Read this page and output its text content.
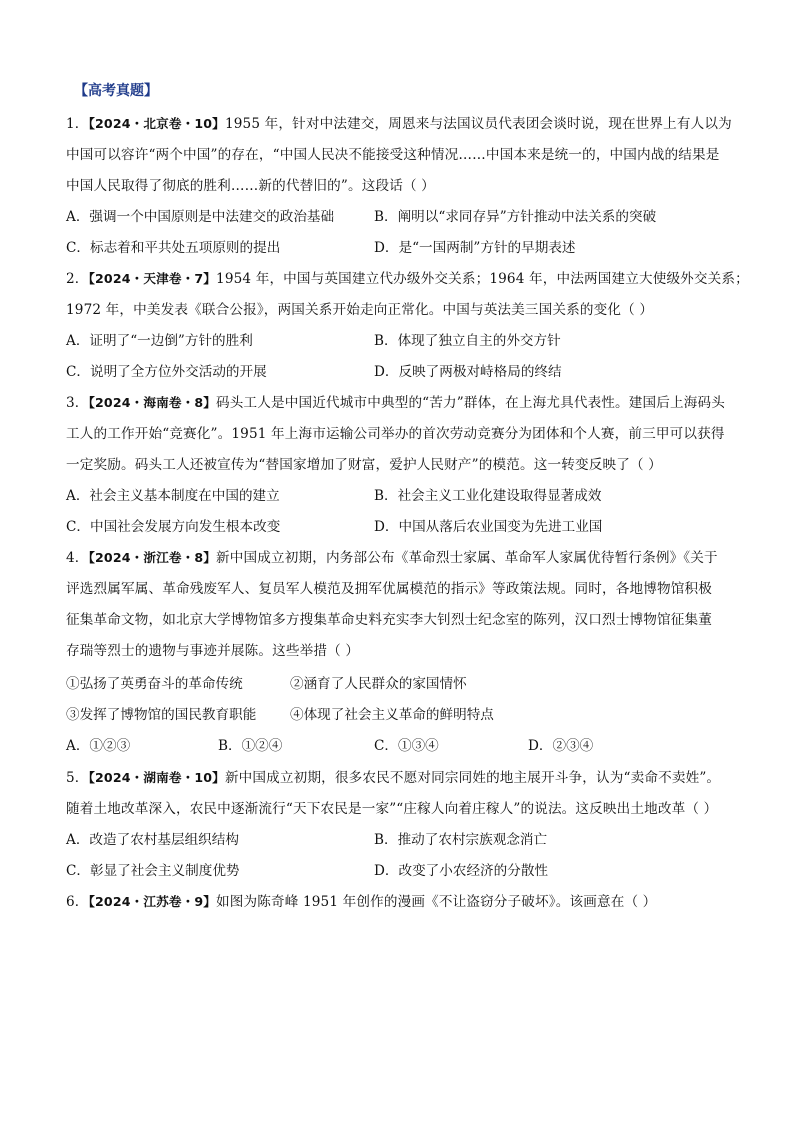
【高考真题】
1．【2024・北京卷・10】1955 年，针对中法建交，周恩来与法国议员代表团会谈时说，现在世界上有人以为
中国可以容许“两个中国”的存在，“中国人民决不能接受这种情况……中国本来是统一的，中国内战的结果是
中国人民取得了彻底的胜利……新的代替旧的”。这段话（ ）
A．强调一个中国原则是中法建交的政治基础	B．阐明以“求同存异”方针推动中法关系的突破
C．标志着和平共处五项原则的提出	D．是“一国两制”方针的早期表述
2．【2024・天津卷・7】1954 年，中国与英国建立代办级外交关系；1964 年，中法两国建立大使级外交关系；
1972 年，中美发表《联合公报》，两国关系开始走向正常化。中国与英法美三国关系的变化（ ）
A．证明了“一边倒”方针的胜利	B．体现了独立自主的外交方针
C．说明了全方位外交活动的开展	D．反映了两极对峙格局的终结
3．【2024・海南卷・8】码头工人是中国近代城市中典型的“苦力”群体，在上海尤具代表性。建国后上海码头
工人的工作开始“竞赛化”。1951 年上海市运输公司举办的首次劳动竞赛分为团体和个人赛，前三甲可以获得
一定奖励。码头工人还被宣传为“替国家增加了财富，爱护人民财产”的模范。这一转变反映了（ ）
A．社会主义基本制度在中国的建立	B．社会主义工业化建设取得显著成效
C．中国社会发展方向发生根本改变	D．中国从落后农业国变为先进工业国
4．【2024・浙江卷・8】新中国成立初期，内务部公布《革命烈士家属、革命军人家属优待暂行条例》《关于
评选烈属军属、革命残废军人、复员军人模范及拥军优属模范的指示》等政策法规。同时，各地博物馆积极
征集革命文物，如北京大学博物馆多方搜集革命史料充实李大钊烈士纪念室的陈列，汉口烈士博物馆征集董
存瑞等烈士的遗物与事迹并展陈。这些举措（ ）
①弘扬了英勇奋斗的革命传统	②涵育了人民群众的家国情怀
③发挥了博物馆的国民教育职能 ④体现了社会主义革命的鲜明特点
A．①②③	B．①②④	C．①③④	D．②③④
5．【2024・湖南卷・10】新中国成立初期，很多农民不愿对同宗同姓的地主展开斗争，认为“卖命不卖姓”。
随着土地改革深入，农民中逐渐流行“天下农民是一家”“庄稼人向着庄稼人”的说法。这反映出土地改革（ ）
A．改造了农村基层组织结构	B．推动了农村宗族观念消亡
C．彰显了社会主义制度优势	D．改变了小农经济的分散性
6．【2024・江苏卷・9】如图为陈奇峰 1951 年创作的漫画《不让盗窃分子破坏》。该画意在（ ）
